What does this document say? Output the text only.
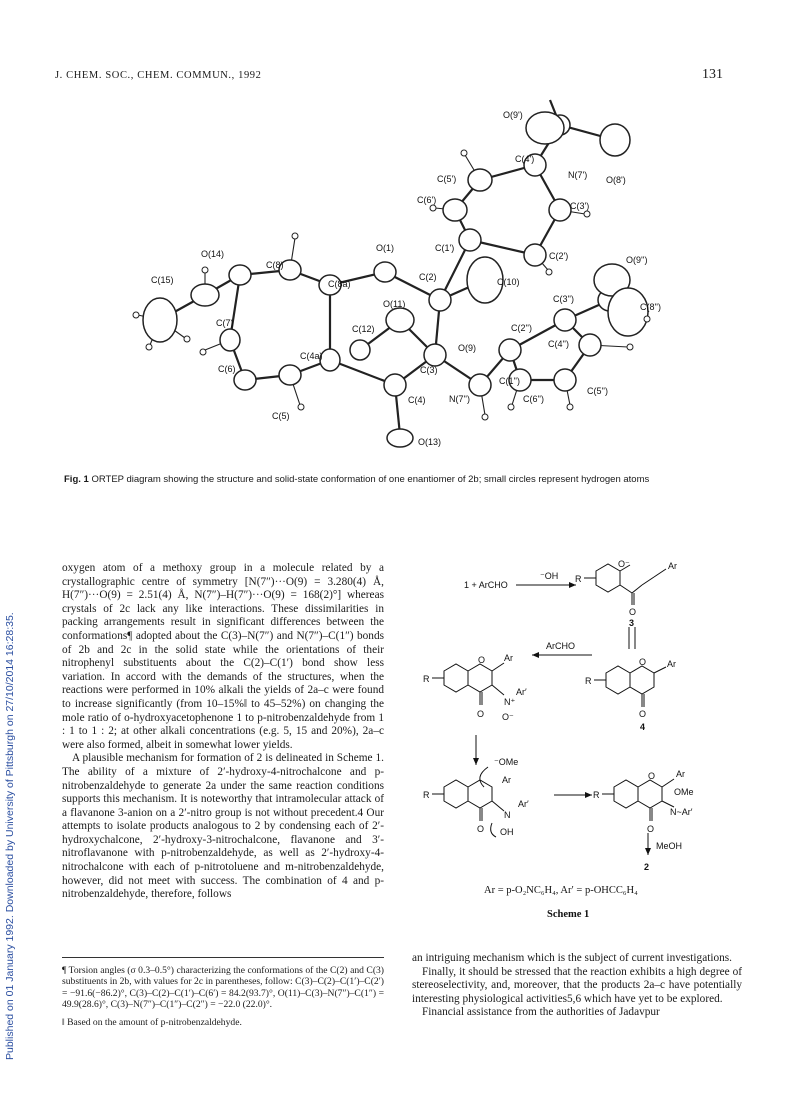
J. CHEM. SOC., CHEM. COMMUN., 1992	131
Published on 01 January 1992. Downloaded by University of Pittsburgh on 27/10/2014 16:28:35.
O(9')
C(4')
N(7') O(8')
C(5')
C(6')
C(3')
O(14)
C(8)
O(1)	C(1')
C(2')	O(9'')
C(15)	C(8a)
C(2)	C(10)
C(3'')
C(8'')
O(11)
C(7)
C(12)	C(2'')
C(4a)
O(9)	C(4'')
C(6)	C(3)
C(1'')
C(5'')
C(4)	N(7'')	C(6'')
C(5)
O(13)
Fig. 1 ORTEP diagram showing the structure and solid-state conformation of one enantiomer of 2b; small circles represent hydrogen atoms

oxygen atom of a methoxy group in a molecule related by a crystallographic centre of symmetry [N(7″)···O(9) = 3.280(4) Å, H(7″)···O(9) = 2.51(4) Å, N(7″)–H(7″)···O(9) = 168(2)°] whereas crystals of 2c lack any like interactions. These dissimilarities in packing arrangements result in significant differences between the conformations¶ adopted about the C(3)–N(7″) and N(7″)–C(1″) bonds of 2b and 2c in the solid state while the orientations of their nitrophenyl substituents about the C(2)–C(1′) bond show less variation. In accord with the demands of the structures, when the reactions were performed in 10% alkali the yields of 2a–c were found to increase significantly (from 10–15%‖ to 45–52%) on changing the mole ratio of o-hydroxyacetophenone 1 to p-nitrobenzaldehyde from 1 : 1 to 1 : 2; at other alkali concentrations (e.g. 5, 15 and 20%), 2a–c were also formed, albeit in somewhat lower yields.

A plausible mechanism for formation of 2 is delineated in Scheme 1. The ability of a mixture of 2′-hydroxy-4-nitrochalcone and p-nitrobenzaldehyde to generate 2a under the same reaction conditions supports this mechanism. It is noteworthy that intramolecular attack of a flavanone 3-anion on a 2′-nitro group is not without precedent.4 Our attempts to isolate products analogous to 2 by condensing each of 2′-hydroxychalcone, 2′-hydroxy-3-nitrochalcone, flavanone and 3′-nitroflavanone with p-nitrobenzaldehyde, as well as 2′-hydroxy-4-nitrochalcone with each of p-nitrotoluene and m-nitrobenzaldehyde, however, did not meet with success. The combination of 4 and p-nitrobenzaldehyde, therefore, follows

¶ Torsion angles (σ 0.3–0.5°) characterizing the conformations of the C(2) and C(3) substituents in 2b, with values for 2c in parentheses, follow: C(3)–C(2)–C(1′)–C(2′) = −91.6(−86.2)°, C(3)–C(2)–C(1′)–C(6′) = 84.2(93.7)°, O(11)–C(3)–N(7″)–C(1″) = 49.9(28.6)°, C(3)–N(7″)–C(1″)–C(2″) = −22.0 (22.0)°.

‖ Based on the amount of p-nitrobenzaldehyde.

an intriguing mechanism which is the subject of current investigations.

Finally, it should be stressed that the reaction exhibits a high degree of stereoselectivity, and, moreover, that the products 2a–c have potentially interesting physiological activities5,6 which have yet to be explored.

Financial assistance from the authorities of Jadavpur

1 + ArCHO
⁻OH R
O⁻	Ar
O
3
R
O Ar
O
4
ArCHO
R
O Ar
N⁺
Ar′
O O⁻
⁻OMe
R
Ar
N
Ar′
O OH
R
O Ar
OMe
N~Ar′
O
MeOH
2
Ar = p-O₂NC₆H₄, Ar′ = p-OHCC₆H₄
Scheme 1
